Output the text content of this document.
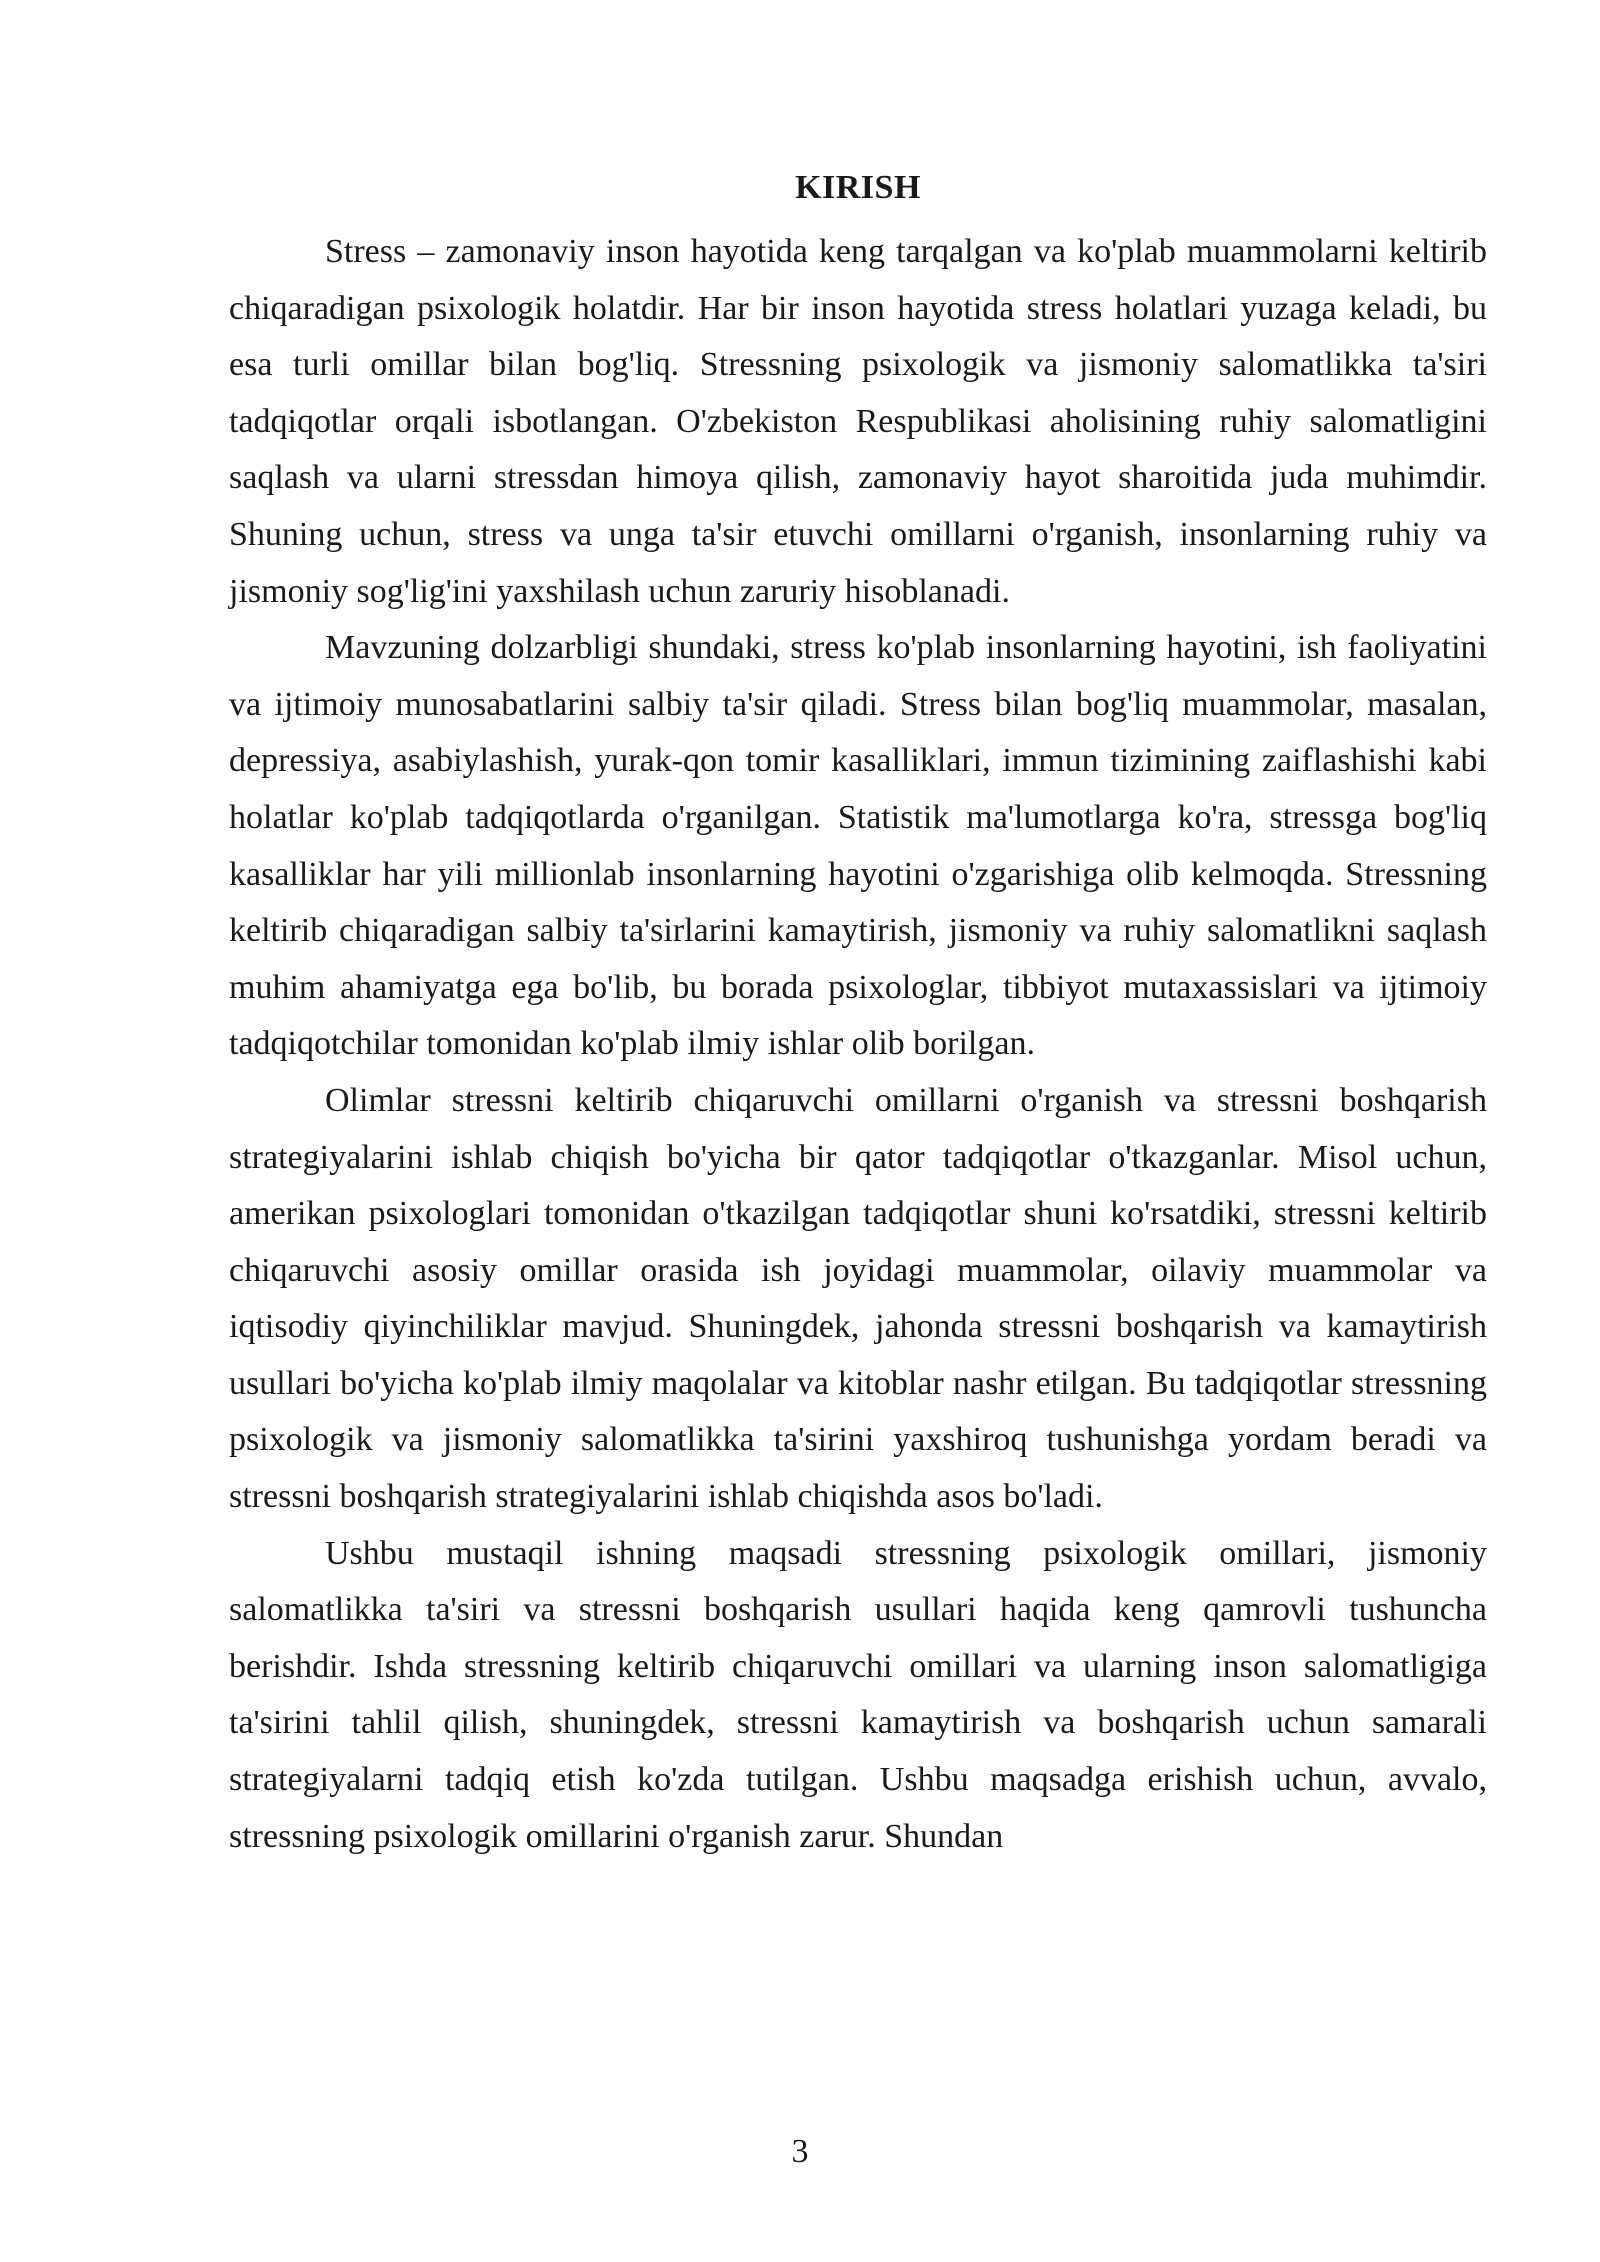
KIRISH

Stress – zamonaviy inson hayotida keng tarqalgan va ko'plab muammolarni keltirib chiqaradigan psixologik holatdir. Har bir inson hayotida stress holatlari yuzaga keladi, bu esa turli omillar bilan bog'liq. Stressning psixologik va jismoniy salomatlikka ta'siri tadqiqotlar orqali isbotlangan. O'zbekiston Respublikasi aholisining ruhiy salomatligini saqlash va ularni stressdan himoya qilish, zamonaviy hayot sharoitida juda muhimdir. Shuning uchun, stress va unga ta'sir etuvchi omillarni o'rganish, insonlarning ruhiy va jismoniy sog'lig'ini yaxshilash uchun zaruriy hisoblanadi.

Mavzuning dolzarbligi shundaki, stress ko'plab insonlarning hayotini, ish faoliyatini va ijtimoiy munosabatlarini salbiy ta'sir qiladi. Stress bilan bog'liq muammolar, masalan, depressiya, asabiylashish, yurak-qon tomir kasalliklari, immun tizimining zaiflashishi kabi holatlar ko'plab tadqiqotlarda o'rganilgan. Statistik ma'lumotlarga ko'ra, stressga bog'liq kasalliklar har yili millionlab insonlarning hayotini o'zgarishiga olib kelmoqda. Stressning keltirib chiqaradigan salbiy ta'sirlarini kamaytirish, jismoniy va ruhiy salomatlikni saqlash muhim ahamiyatga ega bo'lib, bu borada psixologlar, tibbiyot mutaxassislari va ijtimoiy tadqiqotchilar tomonidan ko'plab ilmiy ishlar olib borilgan.

Olimlar stressni keltirib chiqaruvchi omillarni o'rganish va stressni boshqarish strategiyalarini ishlab chiqish bo'yicha bir qator tadqiqotlar o'tkazganlar. Misol uchun, amerikan psixologlari tomonidan o'tkazilgan tadqiqotlar shuni ko'rsatdiki, stressni keltirib chiqaruvchi asosiy omillar orasida ish joyidagi muammolar, oilaviy muammolar va iqtisodiy qiyinchiliklar mavjud. Shuningdek, jahonda stressni boshqarish va kamaytirish usullari bo'yicha ko'plab ilmiy maqolalar va kitoblar nashr etilgan. Bu tadqiqotlar stressning psixologik va jismoniy salomatlikka ta'sirini yaxshiroq tushunishga yordam beradi va stressni boshqarish strategiyalarini ishlab chiqishda asos bo'ladi.

Ushbu mustaqil ishning maqsadi stressning psixologik omillari, jismoniy salomatlikka ta'siri va stressni boshqarish usullari haqida keng qamrovli tushuncha berishdir. Ishda stressning keltirib chiqaruvchi omillari va ularning inson salomatligiga ta'sirini tahlil qilish, shuningdek, stressni kamaytirish va boshqarish uchun samarali strategiyalarni tadqiq etish ko'zda tutilgan. Ushbu maqsadga erishish uchun, avvalo, stressning psixologik omillarini o'rganish zarur. Shundan

3
